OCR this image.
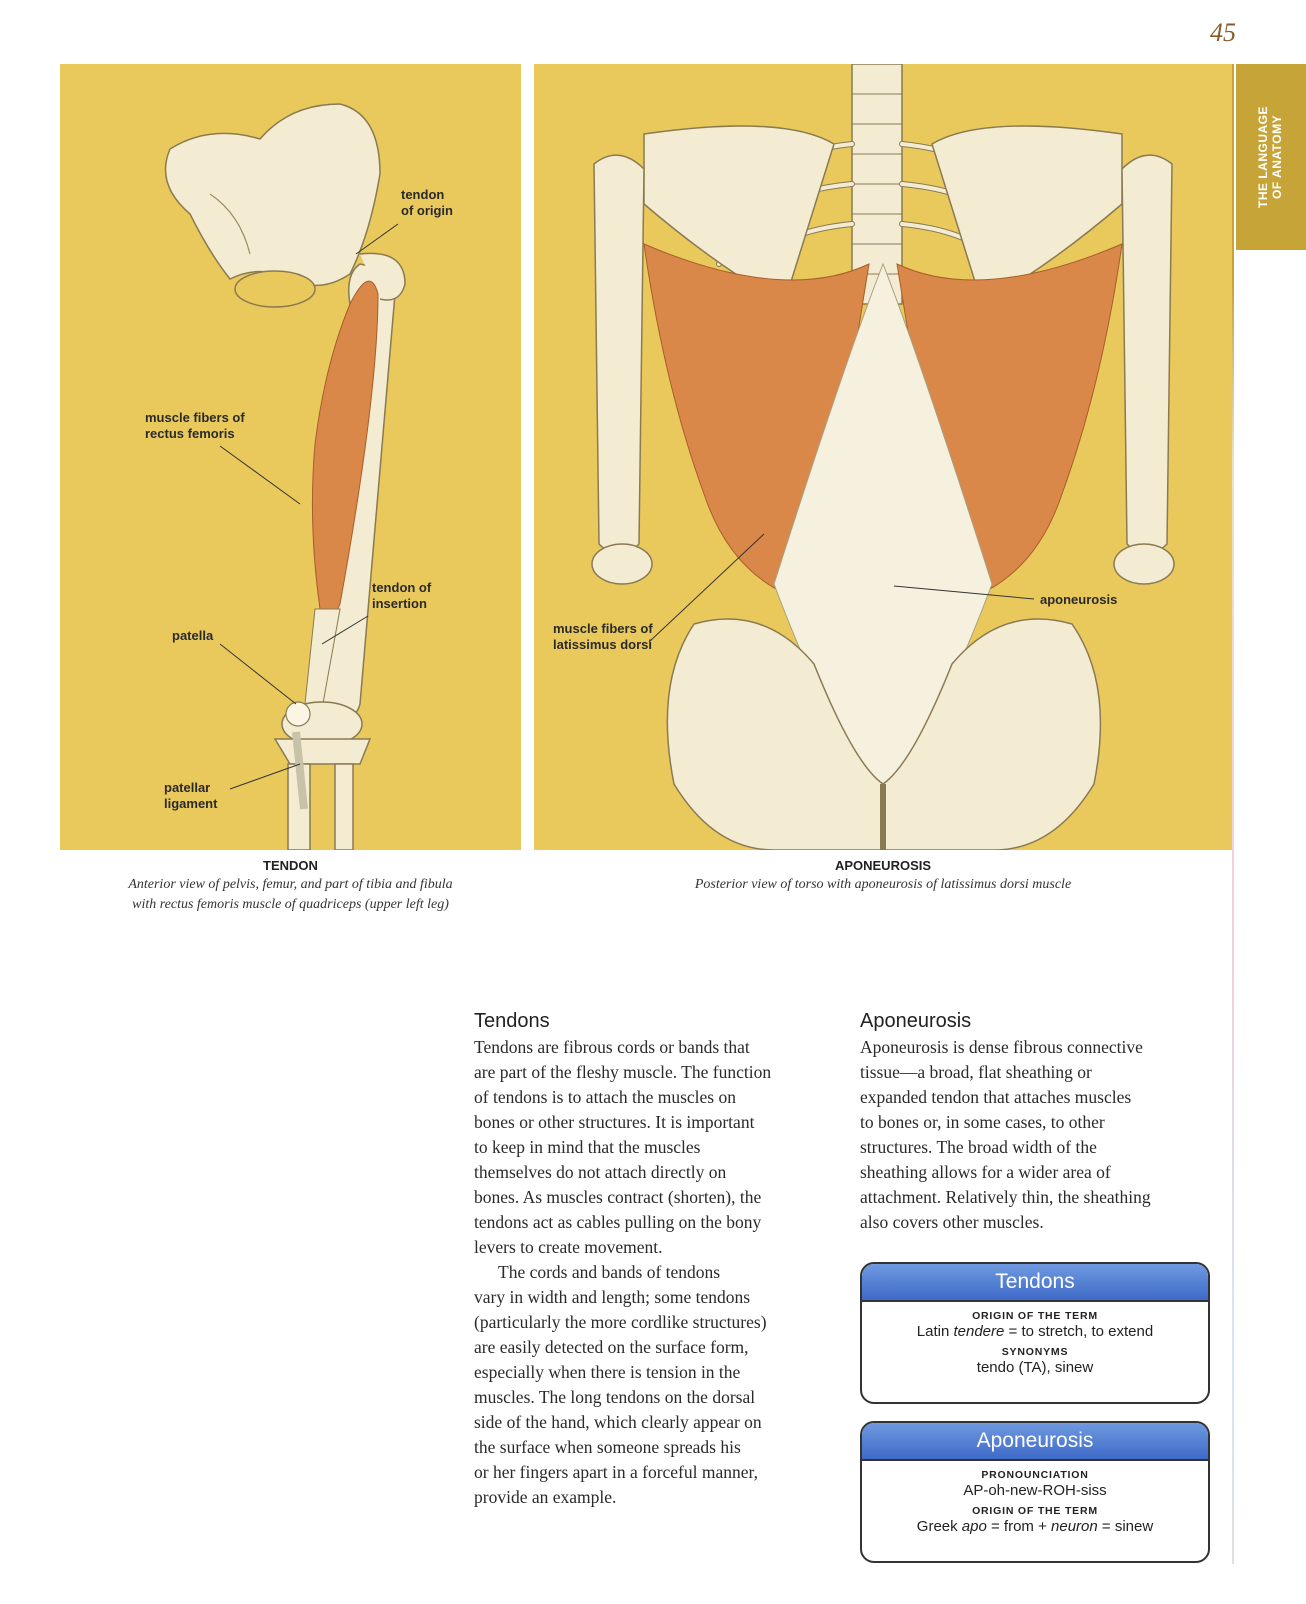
45
THE LANGUAGE
OF ANATOMY
tendon
of origin
muscle fibers of
rectus femoris
tendon of
insertion
patella
patellar
ligament
aponeurosis
muscle fibers of
latissimus dorsi
TENDON
Anterior view of pelvis, femur, and part of tibia and fibula
with rectus femoris muscle of quadriceps (upper left leg)
APONEUROSIS
Posterior view of torso with aponeurosis of latissimus dorsi muscle
Tendons

Tendons are fibrous cords or bands that
are part of the fleshy muscle. The function
of tendons is to attach the muscles on
bones or other structures. It is important
to keep in mind that the muscles
themselves do not attach directly on
bones. As muscles contract (shorten), the
tendons act as cables pulling on the bony
levers to create movement.

The cords and bands of tendons
vary in width and length; some tendons
(particularly the more cordlike structures)
are easily detected on the surface form,
especially when there is tension in the
muscles. The long tendons on the dorsal
side of the hand, which clearly appear on
the surface when someone spreads his
or her fingers apart in a forceful manner,
provide an example.

Aponeurosis

Aponeurosis is dense fibrous connective
tissue—a broad, flat sheathing or
expanded tendon that attaches muscles
to bones or, in some cases, to other
structures. The broad width of the
sheathing allows for a wider area of
attachment. Relatively thin, the sheathing
also covers other muscles.

Tendons
ORIGIN OF THE TERM
Latin tendere = to stretch, to extend
SYNONYMS
tendo (TA), sinew
Aponeurosis
PRONOUNCIATION
AP-oh-new-ROH-siss
ORIGIN OF THE TERM
Greek apo = from + neuron = sinew
